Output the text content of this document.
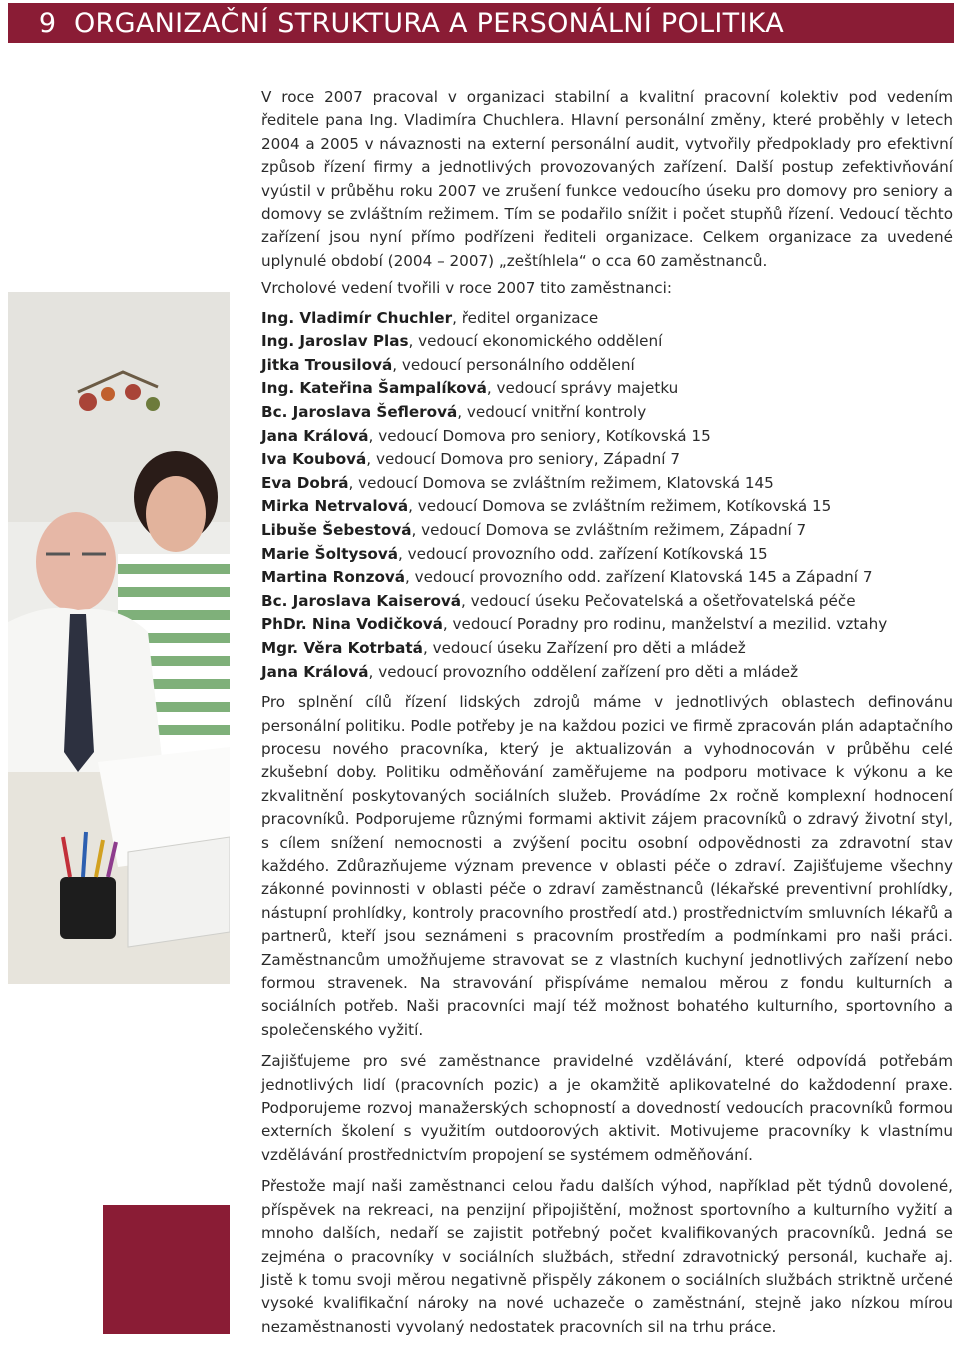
9 ORGANIZAČNÍ STRUKTURA A PERSONÁLNÍ POLITIKA

V roce 2007 pracoval v organizaci stabilní a kvalitní pracovní kolektiv pod vedením ředitele pana Ing. Vladimíra Chuchlera. Hlavní personální změny, které proběhly v letech 2004 a 2005 v návaznosti na externí personální audit, vytvořily předpoklady pro efektivní způsob řízení firmy a jednotlivých provozovaných zařízení. Další postup zefektivňování vyústil v průběhu roku 2007 ve zrušení funkce vedoucího úseku pro domovy pro seniory a domovy se zvláštním režimem. Tím se podařilo snížit i počet stupňů řízení. Vedoucí těchto zařízení jsou nyní přímo podřízeni řediteli organizace. Celkem organizace za uvedené uplynulé období (2004 – 2007) „zeštíhlela“ o cca 60 zaměstnanců.

Vrcholové vedení tvořili v roce 2007 tito zaměstnanci:

Ing. Vladimír Chuchler, ředitel organizace
Ing. Jaroslav Plas, vedoucí ekonomického oddělení
Jitka Trousilová, vedoucí personálního oddělení
Ing. Kateřina Šampalíková, vedoucí správy majetku
Bc. Jaroslava Šeflerová, vedoucí vnitřní kontroly
Jana Králová, vedoucí Domova pro seniory, Kotíkovská 15
Iva Koubová, vedoucí Domova pro seniory, Západní 7
Eva Dobrá, vedoucí Domova se zvláštním režimem, Klatovská 145
Mirka Netrvalová, vedoucí Domova se zvláštním režimem, Kotíkovská 15
Libuše Šebestová, vedoucí Domova se zvláštním režimem, Západní 7
Marie Šoltysová, vedoucí provozního odd. zařízení Kotíkovská 15
Martina Ronzová, vedoucí provozního odd. zařízení Klatovská 145 a Západní 7
Bc. Jaroslava Kaiserová, vedoucí úseku Pečovatelská a ošetřovatelská péče
PhDr. Nina Vodičková, vedoucí Poradny pro rodinu, manželství a mezilid. vztahy
Mgr. Věra Kotrbatá, vedoucí úseku Zařízení pro děti a mládež
Jana Králová, vedoucí provozního oddělení zařízení pro děti a mládež

Pro splnění cílů řízení lidských zdrojů máme v jednotlivých oblastech definovánu personální politiku. Podle potřeby je na každou pozici ve firmě zpracován plán adaptačního procesu nového pracovníka, který je aktualizován a vyhodnocován v průběhu celé zkušební doby. Politiku odměňování zaměřujeme na podporu motivace k výkonu a ke zkvalitnění poskytovaných sociálních služeb. Provádíme 2x ročně komplexní hodnocení pracovníků. Podporujeme různými formami aktivit zájem pracovníků o zdravý životní styl, s cílem snížení nemocnosti a zvýšení pocitu osobní odpovědnosti za zdravotní stav každého. Zdůrazňujeme význam prevence v oblasti péče o zdraví. Zajišťujeme všechny zákonné povinnosti v oblasti péče o zdraví zaměstnanců (lékařské preventivní prohlídky, nástupní prohlídky, kontroly pracovního prostředí atd.) prostřednictvím smluvních lékařů a partnerů, kteří jsou seznámeni s pracovním prostředím a podmínkami pro naši práci. Zaměstnancům umožňujeme stravovat se z vlastních kuchyní jednotlivých zařízení nebo formou stravenek. Na stravování přispíváme nemalou měrou z fondu kulturních a sociálních potřeb. Naši pracovníci mají též možnost bohatého kulturního, sportovního a společenského vyžití.

Zajišťujeme pro své zaměstnance pravidelné vzdělávání, které odpovídá potřebám jednotlivých lidí (pracovních pozic) a je okamžitě aplikovatelné do každodenní praxe. Podporujeme rozvoj manažerských schopností a dovedností vedoucích pracovníků formou externích školení s využitím outdoorových aktivit. Motivujeme pracovníky k vlastnímu vzdělávání prostřednictvím propojení se systémem odměňování.

Přestože mají naši zaměstnanci celou řadu dalších výhod, například pět týdnů dovolené, příspěvek na rekreaci, na penzijní připojištění, možnost sportovního a kulturního vyžití a mnoho dalších, nedaří se zajistit potřebný počet kvalifikovaných pracovníků. Jedná se zejména o pracovníky v sociálních službách, střední zdravotnický personál, kuchaře aj. Jistě k tomu svoji měrou negativně přispěly zákonem o sociálních službách striktně určené vysoké kvalifikační nároky na nové uchazeče o zaměstnání, stejně jako nízkou mírou nezaměstnanosti vyvolaný nedostatek pracovních sil na trhu práce.
